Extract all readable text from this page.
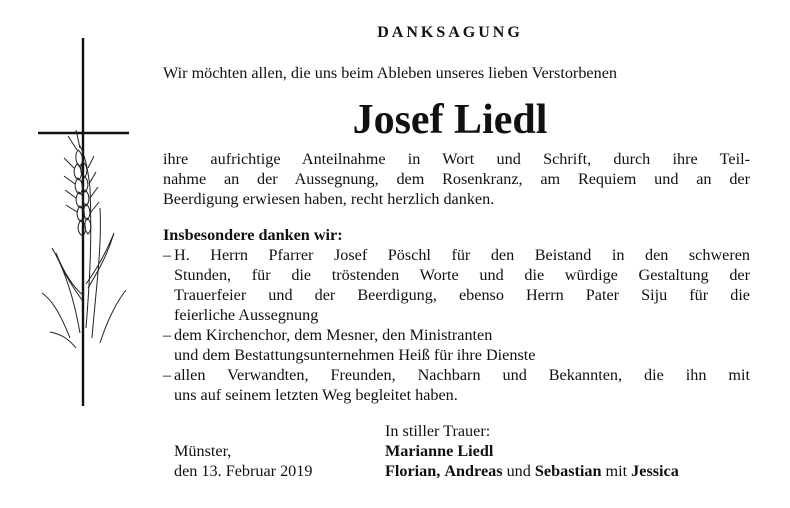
DANKSAGUNG
Wir möchten allen, die uns beim Ableben unseres lieben Verstorbenen
Josef Liedl
ihre aufrichtige Anteilnahme in Wort und Schrift, durch ihre Teil-
nahme an der Aussegnung, dem Rosenkranz, am Requiem und an der
Beerdigung erwiesen haben, recht herzlich danken.
Insbesondere danken wir:
– H. Herrn Pfarrer Josef Pöschl für den Beistand in den schweren
Stunden, für die tröstenden Worte und die würdige Gestaltung der
Trauerfeier und der Beerdigung, ebenso Herrn Pater Siju für die
feierliche Aussegnung
– dem Kirchenchor, dem Mesner, den Ministranten
und dem Bestattungsunternehmen Heiß für ihre Dienste
– allen Verwandten, Freunden, Nachbarn und Bekannten, die ihn mit
uns auf seinem letzten Weg begleitet haben.
In stiller Trauer:
Münster,	Marianne Liedl
den 13. Februar 2019	Florian, Andreas und Sebastian mit Jessica
